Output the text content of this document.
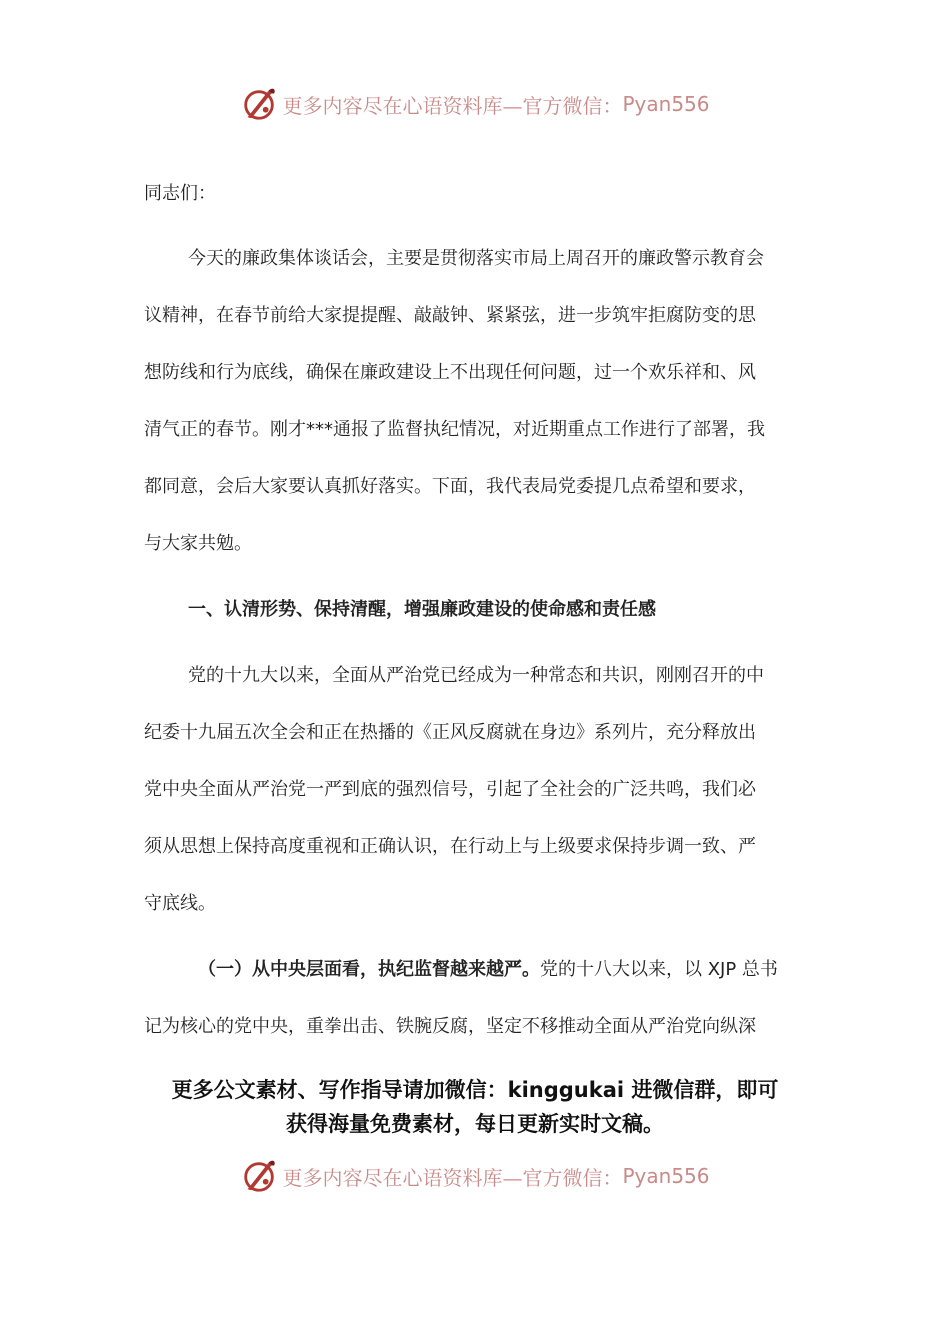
更多内容尽在心语资料库—官方微信： Pyan556
同志们：
今天的廉政集体谈话会，主要是贯彻落实市局上周召开的廉政警示教育会
议精神，在春节前给大家提提醒、敲敲钟、紧紧弦，进一步筑牢拒腐防变的思
想防线和行为底线，确保在廉政建设上不出现任何问题，过一个欢乐祥和、风
清气正的春节。刚才***通报了监督执纪情况，对近期重点工作进行了部署，我
都同意，会后大家要认真抓好落实。下面，我代表局党委提几点希望和要求，
与大家共勉。
一、认清形势、保持清醒，增强廉政建设的使命感和责任感
党的十九大以来，全面从严治党已经成为一种常态和共识，刚刚召开的中
纪委十九届五次全会和正在热播的《正风反腐就在身边》系列片，充分释放出
党中央全面从严治党一严到底的强烈信号，引起了全社会的广泛共鸣，我们必
须从思想上保持高度重视和正确认识，在行动上与上级要求保持步调一致、严
守底线。
（一）从中央层面看，执纪监督越来越严。党的十八大以来，以 XJP 总书
记为核心的党中央，重拳出击、铁腕反腐，坚定不移推动全面从严治党向纵深
更多公文素材、写作指导请加微信：kinggukai 进微信群，即可
获得海量免费素材，每日更新实时文稿。
更多内容尽在心语资料库—官方微信： Pyan556
